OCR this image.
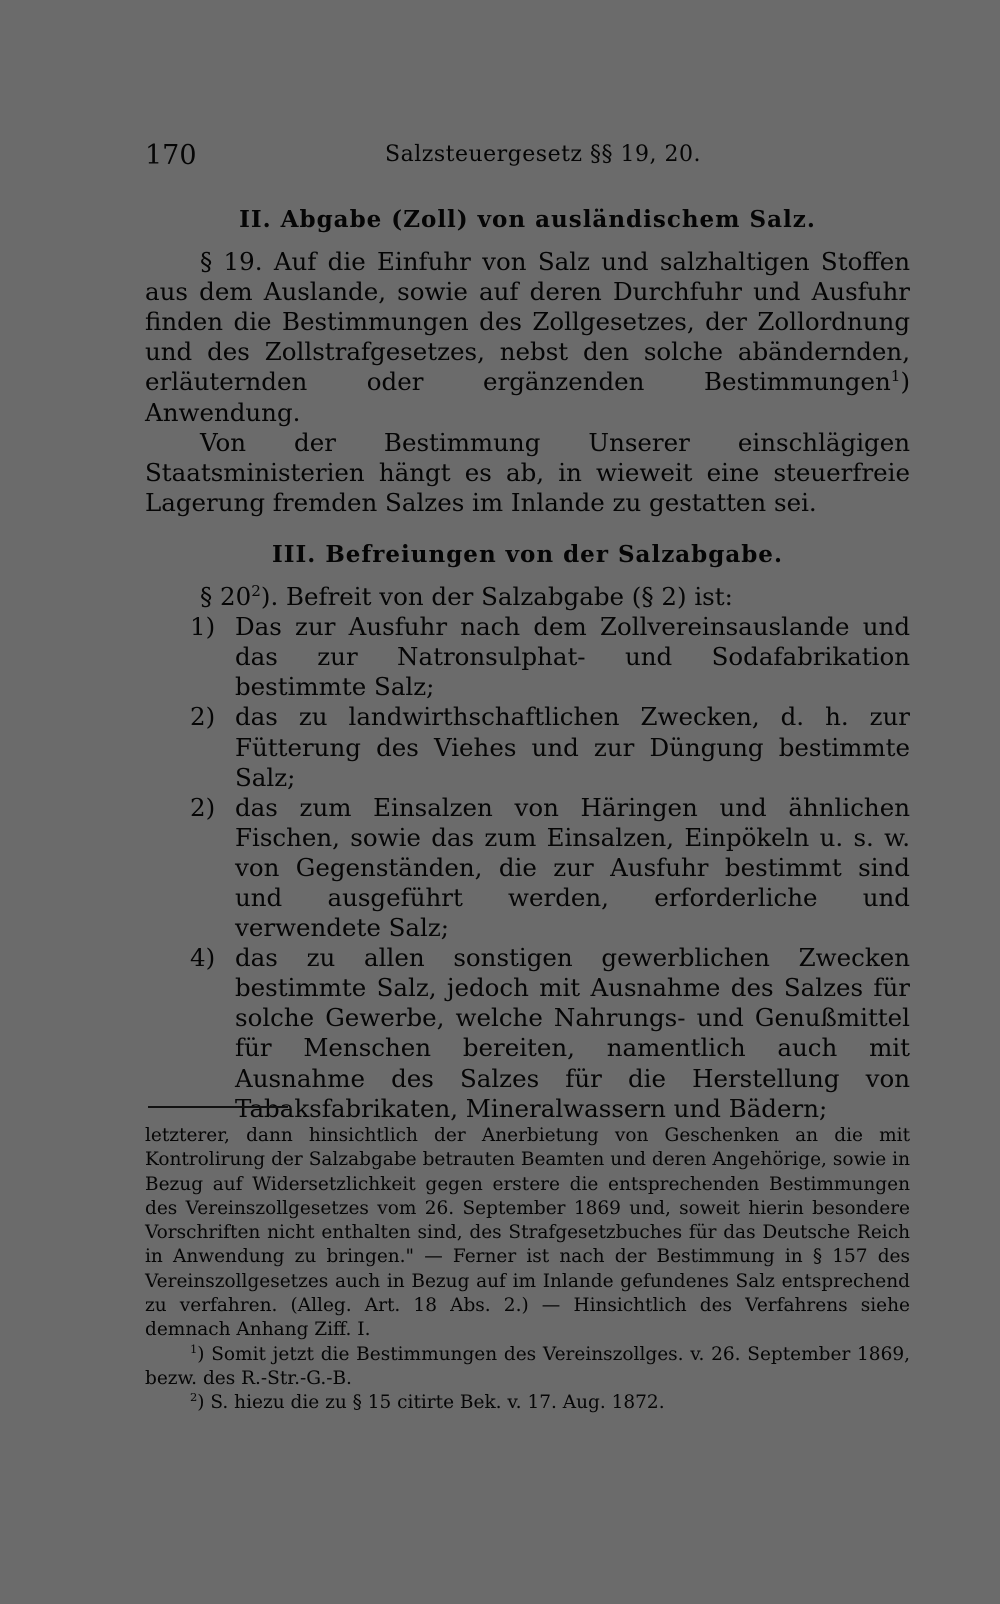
170	Salzsteuergesetz §§ 19, 20.
II. Abgabe (Zoll) von ausländischem Salz.

§ 19. Auf die Einfuhr von Salz und salzhaltigen Stoffen aus dem Auslande, sowie auf deren Durchfuhr und Ausfuhr finden die Bestimmungen des Zollgesetzes, der Zollordnung und des Zollstrafgesetzes, nebst den solche abändernden, erläuternden oder ergänzenden Bestimmungen$^1$) Anwendung.

Von der Bestimmung Unserer einschlägigen Staatsministerien hängt es ab, in wieweit eine steuerfreie Lagerung fremden Salzes im Inlande zu gestatten sei.

III. Befreiungen von der Salzabgabe.

§ $20^2$). Befreit von der Salzabgabe (§ 2) ist:

1) Das zur Ausfuhr nach dem Zollvereinsauslande und das zur Natronsulphat- und Sodafabrikation bestimmte Salz;
2) das zu landwirthschaftlichen Zwecken, d. h. zur Fütterung des Viehes und zur Düngung bestimmte Salz;
2) das zum Einsalzen von Häringen und ähnlichen Fischen, sowie das zum Einsalzen, Einpökeln u. s. w. von Gegenständen, die zur Ausfuhr bestimmt sind und ausgeführt werden, erforderliche und verwendete Salz;
4) das zu allen sonstigen gewerblichen Zwecken bestimmte Salz, jedoch mit Ausnahme des Salzes für solche Gewerbe, welche Nahrungs- und Genußmittel für Menschen bereiten, namentlich auch mit Ausnahme des Salzes für die Herstellung von Tabaksfabrikaten, Mineralwassern und Bädern;

letzterer, dann hinsichtlich der Anerbietung von Geschenken an die mit Kontrolirung der Salzabgabe betrauten Beamten und deren Angehörige, sowie in Bezug auf Widersetzlichkeit gegen erstere die entsprechenden Bestimmungen des Vereinszollgesetzes vom 26. September 1869 und, soweit hierin besondere Vorschriften nicht enthalten sind, des Strafgesetzbuches für das Deutsche Reich in Anwendung zu bringen." — Ferner ist nach der Bestimmung in § 157 des Vereinszollgesetzes auch in Bezug auf im Inlande gefundenes Salz entsprechend zu verfahren. (Alleg. Art. 18 Abs. 2.) — Hinsichtlich des Verfahrens siehe demnach Anhang Ziff. I.

$^1$) Somit jetzt die Bestimmungen des Vereinszollges. v. 26. September 1869, bezw. des R.-Str.-G.-B.

$^2$) S. hiezu die zu § 15 citirte Bek. v. 17. Aug. 1872.
